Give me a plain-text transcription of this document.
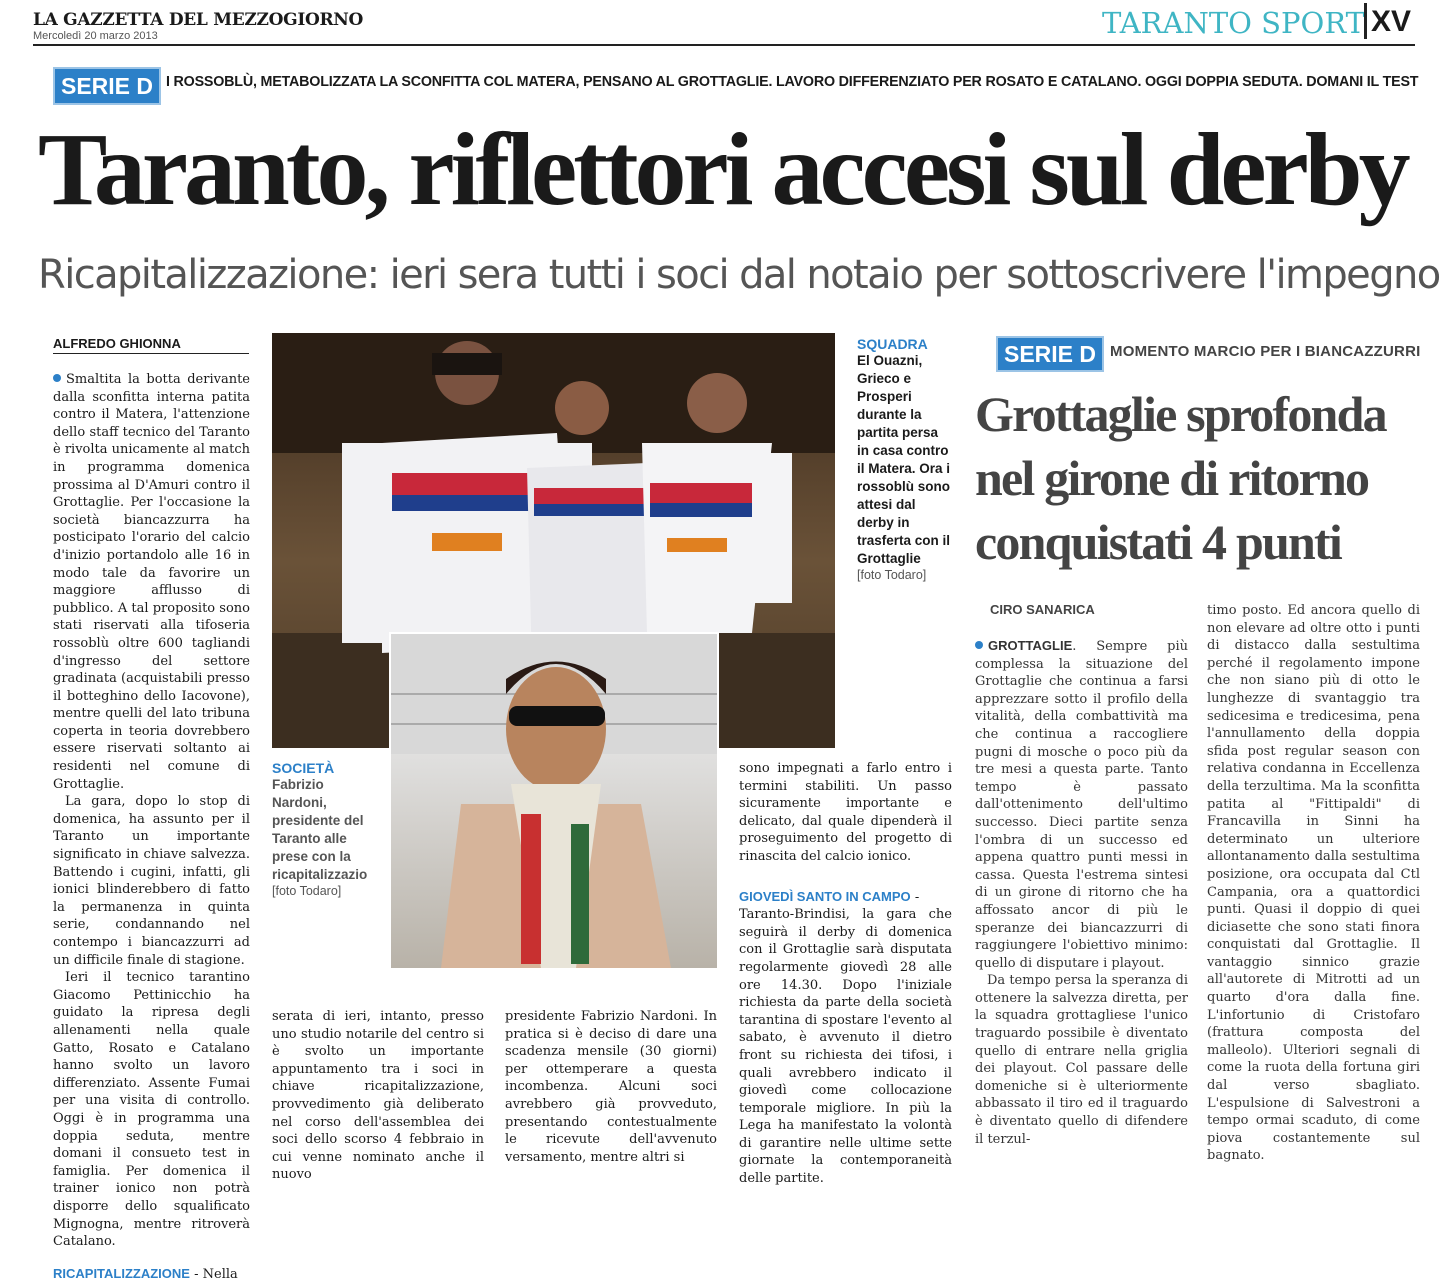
LA GAZZETTA DEL MEZZOGIORNO
Mercoledì 20 marzo 2013	TARANTO SPORT XV
SERIE D I ROSSOBLÙ, METABOLIZZATA LA SCONFITTA COL MATERA, PENSANO AL GROTTAGLIE. LAVORO DIFFERENZIATO PER ROSATO E CATALANO. OGGI DOPPIA SEDUTA. DOMANI IL TEST
Taranto, riflettori accesi sul derby
Ricapitalizzazione: ieri sera tutti i soci dal notaio per sottoscrivere l'impegno
ALFREDO GHIONNA

Smaltita la botta derivante dalla sconfitta interna patita contro il Matera, l'attenzione dello staff tecnico del Taranto è rivolta unicamente al match in programma domenica prossima al D'Amuri contro il Grottaglie. Per l'occasione la società biancazzurra ha posticipato l'orario del calcio d'inizio portandolo alle 16 in modo tale da favorire un maggiore afflusso di pubblico. A tal proposito sono stati riservati alla tifoseria rossoblù oltre 600 tagliandi d'ingresso del settore gradinata (acquistabili presso il botteghino dello Iacovone), mentre quelli del lato tribuna coperta in teoria dovrebbero essere riservati soltanto ai residenti nel comune di Grottaglie.

La gara, dopo lo stop di domenica, ha assunto per il Taranto un importante significato in chiave salvezza. Battendo i cugini, infatti, gli ionici blinderebbero di fatto la permanenza in quinta serie, condannando nel contempo i biancazzurri ad un difficile finale di stagione.

Ieri il tecnico tarantino Giacomo Pettinicchio ha guidato la ripresa degli allenamenti nella quale Gatto, Rosato e Catalano hanno svolto un lavoro differenziato. Assente Fumai per una visita di controllo. Oggi è in programma una doppia seduta, mentre domani il consueto test in famiglia. Per domenica il trainer ionico non potrà disporre dello squalificato Mignogna, mentre ritroverà Catalano.

RICAPITALIZZAZIONE - Nella

SQUADRA
El Ouazni, Grieco e Prosperi durante la partita persa in casa contro il Matera. Ora i rossoblù sono attesi dal derby in trasferta con il Grottaglie
[foto Todaro]
SOCIETÀ
Fabrizio Nardoni, presidente del Taranto alle prese con la ricapitalizzazio
[foto Todaro]

serata di ieri, intanto, presso uno studio notarile del centro si è svolto un importante appuntamento tra i soci in chiave ricapitalizzazione, provvedimento già deliberato nel corso dell'assemblea dei soci dello scorso 4 febbraio in cui venne nominato anche il nuovo

presidente Fabrizio Nardoni. In pratica si è deciso di dare una scadenza mensile (30 giorni) per ottemperare a questa incombenza. Alcuni soci avrebbero già provveduto, presentando contestualmente le ricevute dell'avvenuto versamento, mentre altri si

sono impegnati a farlo entro i termini stabiliti. Un passo sicuramente importante e delicato, dal quale dipenderà il proseguimento del progetto di rinascita del calcio ionico.

GIOVEDÌ SANTO IN CAMPO -

Taranto-Brindisi, la gara che seguirà il derby di domenica con il Grottaglie sarà disputata regolarmente giovedì 28 alle ore 14.30. Dopo l'iniziale richiesta da parte della società tarantina di spostare l'evento al sabato, è avvenuto il dietro front su richiesta dei tifosi, i quali avrebbero indicato il giovedì come collocazione temporale migliore. In più la Lega ha manifestato la volontà di garantire nelle ultime sette giornate la contemporaneità delle partite.

SERIE D MOMENTO MARCIO PER I BIANCAZZURRI
Grottaglie sprofonda
nel girone di ritorno
conquistati 4 punti
CIRO SANARICA

GROTTAGLIE. Sempre più complessa la situazione del Grottaglie che continua a farsi apprezzare sotto il profilo della vitalità, della combattività ma che continua a raccogliere pugni di mosche o poco più da tre mesi a questa parte. Tanto tempo è passato dall'ottenimento dell'ultimo successo. Dieci partite senza l'ombra di un successo ed appena quattro punti messi in cassa. Questa l'estrema sintesi di un girone di ritorno che ha affossato ancor di più le speranze dei biancazzurri di raggiungere l'obiettivo minimo: quello di disputare i playout.

Da tempo persa la speranza di ottenere la salvezza diretta, per la squadra grottagliese l'unico traguardo possibile è diventato quello di entrare nella griglia dei playout. Col passare delle domeniche si è ulteriormente abbassato il tiro ed il traguardo è diventato quello di difendere il terzul-

timo posto. Ed ancora quello di non elevare ad oltre otto i punti di distacco dalla sestultima perché il regolamento impone che non siano più di otto le lunghezze di svantaggio tra sedicesima e tredicesima, pena l'annullamento della doppia sfida post regular season con relativa condanna in Eccellenza della terzultima. Ma la sconfitta patita al "Fittipaldi" di Francavilla in Sinni ha determinato un ulteriore allontanamento dalla sestultima posizione, ora occupata dal Ctl Campania, ora a quattordici punti. Quasi il doppio di quei diciasette che sono stati finora conquistati dal Grottaglie. Il vantaggio sinnico grazie all'autorete di Mitrotti ad un quarto d'ora dalla fine. L'infortunio di Cristofaro (frattura composta del malleolo). Ulteriori segnali di come la ruota della fortuna giri dal verso sbagliato. L'espulsione di Salvestroni a tempo ormai scaduto, di come piova costantemente sul bagnato.
